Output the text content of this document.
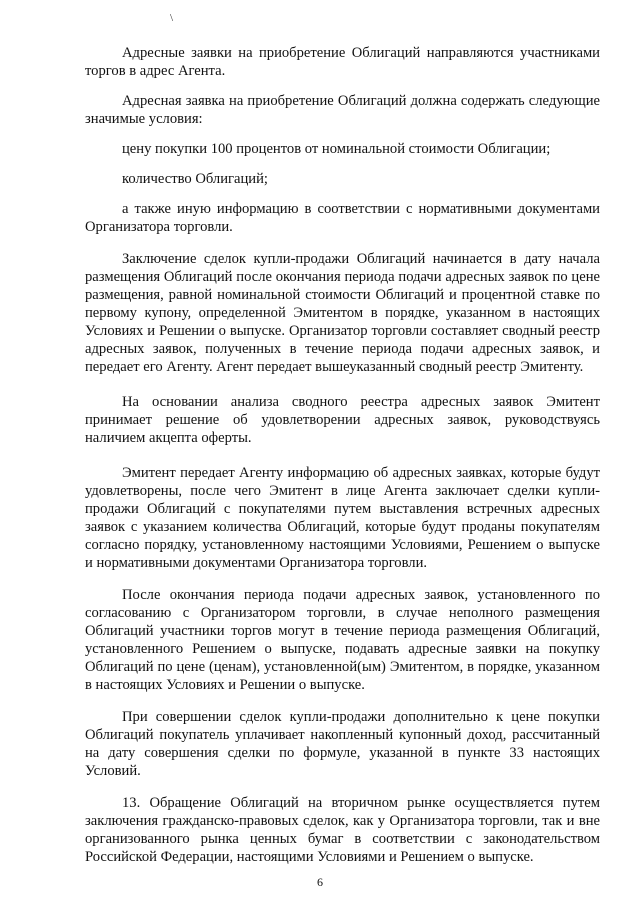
\

Адресные заявки на приобретение Облигаций направляются участниками торгов в адрес Агента.

Адресная заявка на приобретение Облигаций должна содержать следующие значимые условия:

цену покупки 100 процентов от номинальной стоимости Облигации;

количество Облигаций;

а также иную информацию в соответствии с нормативными документами Организатора торговли.

Заключение сделок купли-продажи Облигаций начинается в дату начала размещения Облигаций после окончания периода подачи адресных заявок по цене размещения, равной номинальной стоимости Облигаций и процентной ставке по первому купону, определенной Эмитентом в порядке, указанном в настоящих Условиях и Решении о выпуске. Организатор торговли составляет сводный реестр адресных заявок, полученных в течение периода подачи адресных заявок, и передает его Агенту. Агент передает вышеуказанный сводный реестр Эмитенту.

На основании анализа сводного реестра адресных заявок Эмитент принимает решение об удовлетворении адресных заявок, руководствуясь наличием акцепта оферты.

Эмитент передает Агенту информацию об адресных заявках, которые будут удовлетворены, после чего Эмитент в лице Агента заключает сделки купли-продажи Облигаций с покупателями путем выставления встречных адресных заявок с указанием количества Облигаций, которые будут проданы покупателям согласно порядку, установленному настоящими Условиями, Решением о выпуске и нормативными документами Организатора торговли.

После окончания периода подачи адресных заявок, установленного по согласованию с Организатором торговли, в случае неполного размещения Облигаций участники торгов могут в течение периода размещения Облигаций, установленного Решением о выпуске, подавать адресные заявки на покупку Облигаций по цене (ценам), установленной(ым) Эмитентом, в порядке, указанном в настоящих Условиях и Решении о выпуске.

При совершении сделок купли-продажи дополнительно к цене покупки Облигаций покупатель уплачивает накопленный купонный доход, рассчитанный на дату совершения сделки по формуле, указанной в пункте 33 настоящих Условий.

13. Обращение Облигаций на вторичном рынке осуществляется путем заключения гражданско-правовых сделок, как у Организатора торговли, так и вне организованного рынка ценных бумаг в соответствии с законодательством Российской Федерации, настоящими Условиями и Решением о выпуске.

6
